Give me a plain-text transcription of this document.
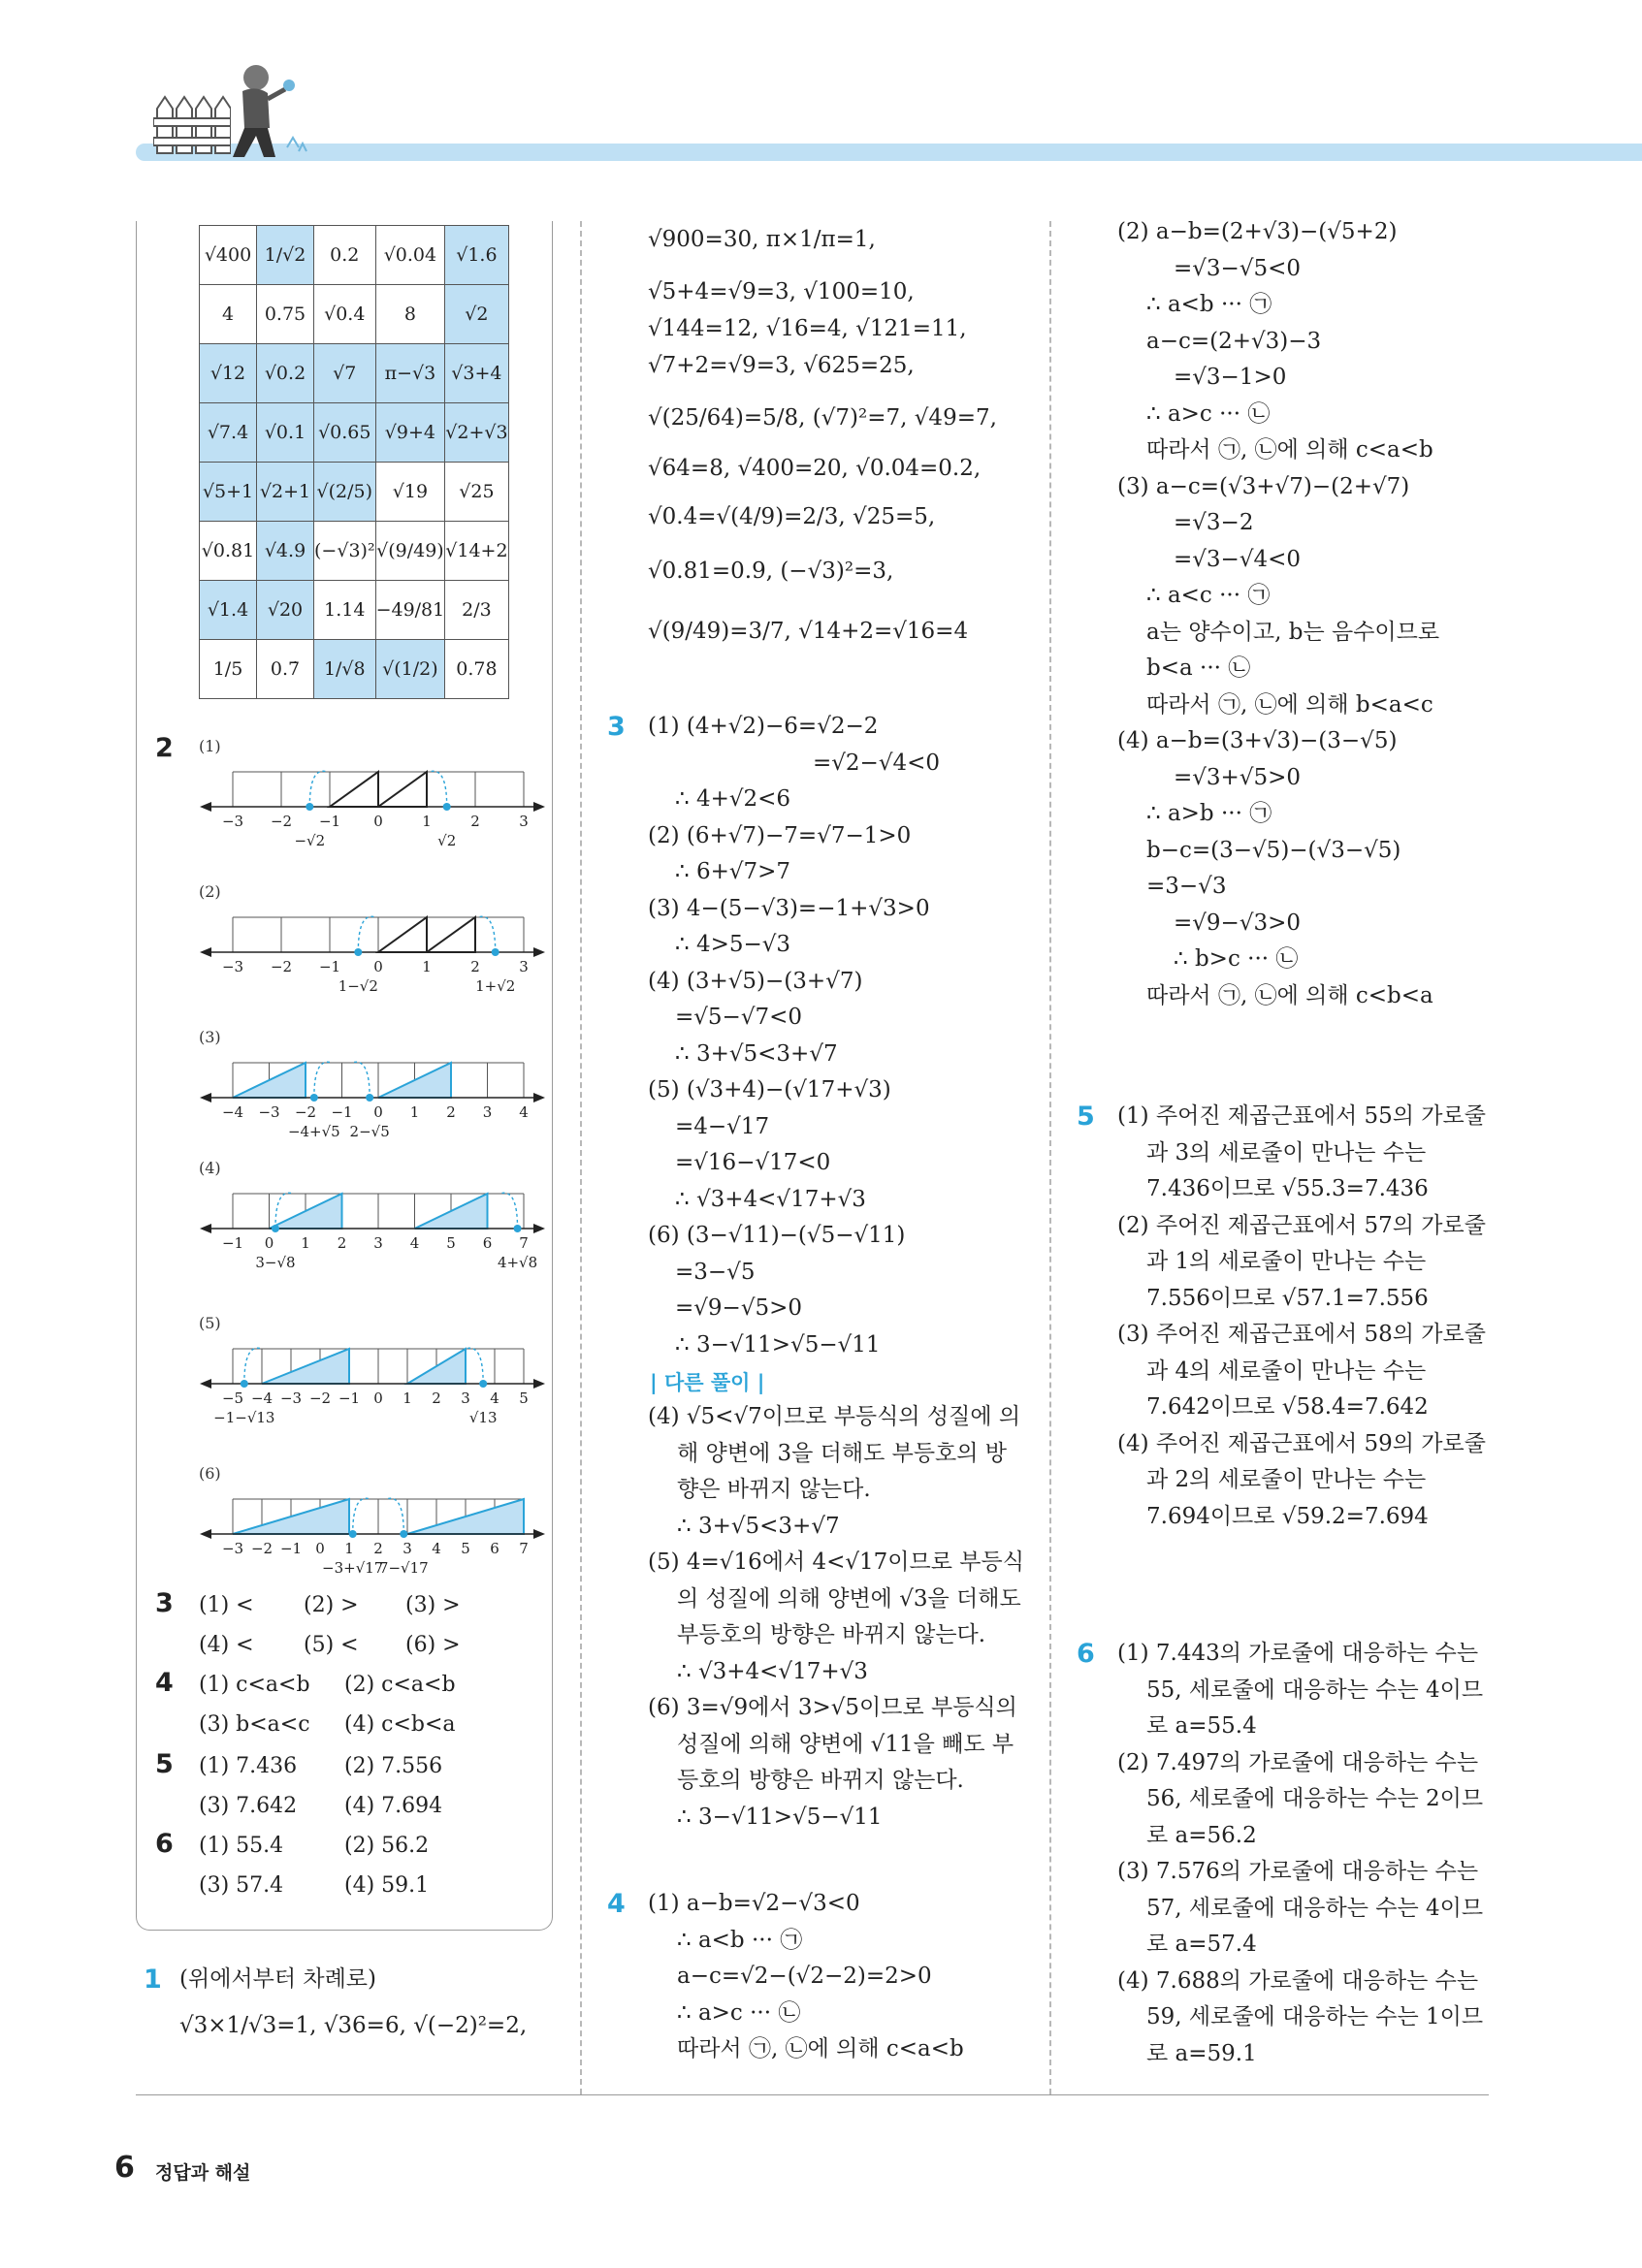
√400	1/√2	0.2	√0.04	√1.6
4	0.75	√0.4	8	√2
√12	√0.2	√7	π−√3	√3+4
√7.4	√0.1	√0.65	√9+4	√2+√3
√5+1	√2+1	√(2/5)	√19	√25
√0.81	√4.9	(−√3)²	√(9/49)	√14+2
√1.4	√20	1.14	−49/81	2/3
1/5	0.7̇	1/√8	√(1/2)	0.78̇
2 (1)
−3 −2 −1 0	1	2	3
−√2	√2
(2)
−3 −2 −1 0	1	2	3
1−√2	1+√2
(3)
−4 −3 −2 −1 0 1 2 3 4
−4+√5 2−√5
(4)
−1 0 1 2 3 4 5 6 7
3−√8	4+√8
(5)
−5 −4 −3 −2 −1 0 1 2 3 4 5
−1−√13	√13
(6)
−3 −2 −1 0 1 2 3 4 5 6 7
−3+√17
7−√17
3 (1) < (2) > (3) >
(4) < (5) < (6) >
4 (1) c<a<b (2) c<a<b
(3) b<a<c (4) c<b<a
5 (1) 7.436 (2) 7.556
(3) 7.642 (4) 7.694
6 (1) 55.4	(2) 56.2
(3) 57.4	(4) 59.1
1 (위에서부터 차례로)
√3×1/√3=1, √36=6, √(−2)²=2,
√900=30, π×1/π=1,
√5+4=√9=3, √100=10,
√144=12, √16=4, √121=11,
√7+2=√9=3, √625=25,
√(25/64)=5/8, (√7)²=7, √49=7,
√64=8, √400=20, √0.04=0.2,
√0.4̇=√(4/9)=2/3, √25=5,
√0.81=0.9, (−√3)²=3,
√(9/49)=3/7, √14+2=√16=4
3 (1) (4+√2)−6=√2−2
=√2−√4<0
∴ 4+√2<6
(2) (6+√7)−7=√7−1>0
∴ 6+√7>7
(3) 4−(5−√3)=−1+√3>0
∴ 4>5−√3
(4) (3+√5)−(3+√7)
=√5−√7<0
∴ 3+√5<3+√7
(5) (√3+4)−(√17+√3)
=4−√17
=√16−√17<0
∴ √3+4<√17+√3
(6) (3−√11)−(√5−√11)
=3−√5
=√9−√5>0
∴ 3−√11>√5−√11
| 다른 풀이 |
(4) √5<√7이므로 부등식의 성질에 의
해 양변에 3을 더해도 부등호의 방
향은 바뀌지 않는다.
∴ 3+√5<3+√7
(5) 4=√16에서 4<√17이므로 부등식
의 성질에 의해 양변에 √3을 더해도
부등호의 방향은 바뀌지 않는다.
∴ √3+4<√17+√3
(6) 3=√9에서 3>√5이므로 부등식의
성질에 의해 양변에 √11을 빼도 부
등호의 방향은 바뀌지 않는다.
∴ 3−√11>√5−√11
4 (1) a−b=√2−√3<0
∴ a<b ··· ㉠
a−c=√2−(√2−2)=2>0
∴ a>c ··· ㉡
따라서 ㉠, ㉡에 의해 c<a<b
(2) a−b=(2+√3)−(√5+2)
=√3−√5<0
∴ a<b ··· ㉠
a−c=(2+√3)−3
=√3−1>0
∴ a>c ··· ㉡
따라서 ㉠, ㉡에 의해 c<a<b
(3) a−c=(√3+√7)−(2+√7)
=√3−2
=√3−√4<0
∴ a<c ··· ㉠
a는 양수이고, b는 음수이므로
b<a ··· ㉡
따라서 ㉠, ㉡에 의해 b<a<c
(4) a−b=(3+√3)−(3−√5)
=√3+√5>0
∴ a>b ··· ㉠
b−c=(3−√5)−(√3−√5)
=3−√3
=√9−√3>0
∴ b>c ··· ㉡
따라서 ㉠, ㉡에 의해 c<b<a
5 (1) 주어진 제곱근표에서 55의 가로줄
과 3의 세로줄이 만나는 수는
7.436이므로 √55.3=7.436
(2) 주어진 제곱근표에서 57의 가로줄
과 1의 세로줄이 만나는 수는
7.556이므로 √57.1=7.556
(3) 주어진 제곱근표에서 58의 가로줄
과 4의 세로줄이 만나는 수는
7.642이므로 √58.4=7.642
(4) 주어진 제곱근표에서 59의 가로줄
과 2의 세로줄이 만나는 수는
7.694이므로 √59.2=7.694
6 (1) 7.443의 가로줄에 대응하는 수는
55, 세로줄에 대응하는 수는 4이므
로 a=55.4
(2) 7.497의 가로줄에 대응하는 수는
56, 세로줄에 대응하는 수는 2이므
로 a=56.2
(3) 7.576의 가로줄에 대응하는 수는
57, 세로줄에 대응하는 수는 4이므
로 a=57.4
(4) 7.688의 가로줄에 대응하는 수는
59, 세로줄에 대응하는 수는 1이므
로 a=59.1
6 정답과 해설
